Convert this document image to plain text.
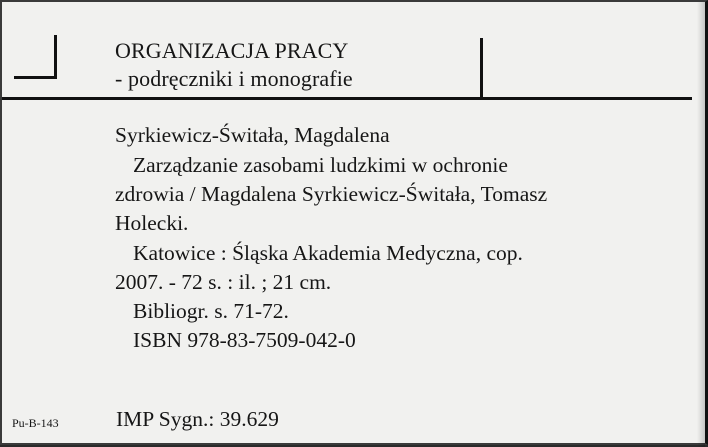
ORGANIZACJA PRACY
- podręczniki i monografie
Syrkiewicz-Świtała, Magdalena
Zarządzanie zasobami ludzkimi w ochronie
zdrowia / Magdalena Syrkiewicz-Świtała, Tomasz
Holecki.
Katowice : Śląska Akademia Medyczna, cop.
2007. - 72 s. : il. ; 21 cm.
Bibliogr. s. 71-72.
ISBN 978-83-7509-042-0
Pu-B-143	IMP Sygn.: 39.629
